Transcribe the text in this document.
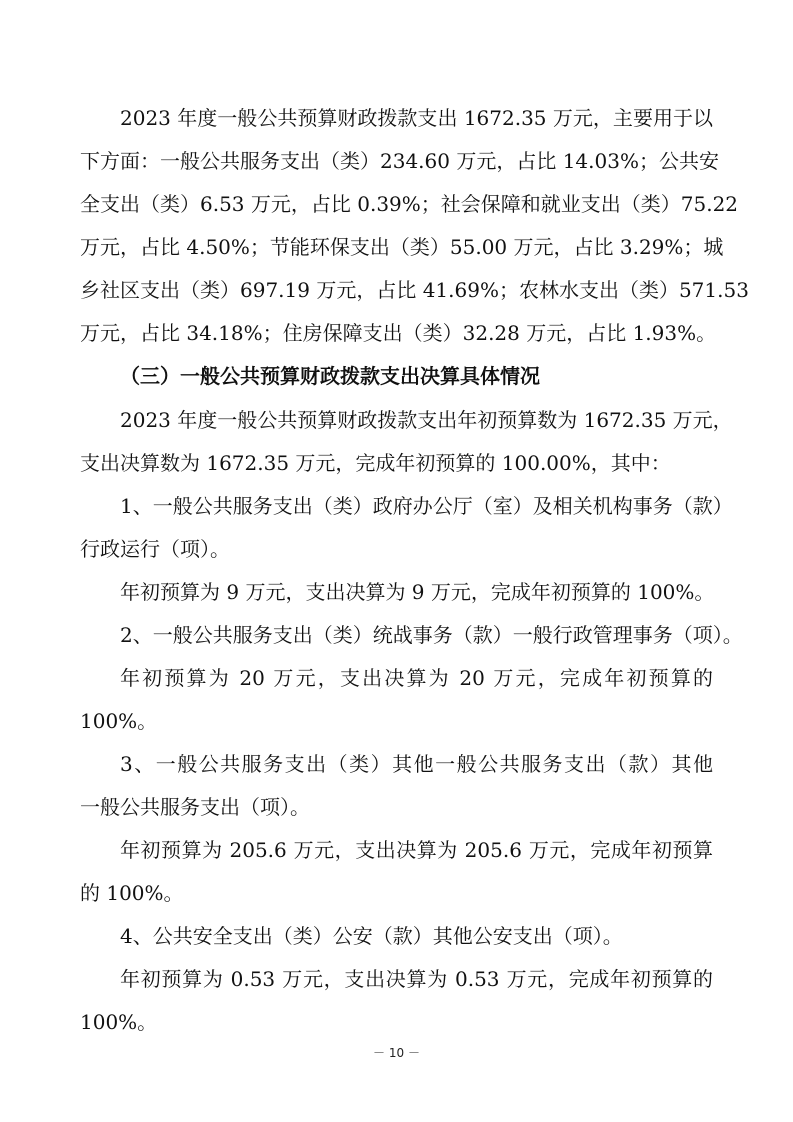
2023 年度一般公共预算财政拨款支出 1672.35 万元，主要用于以
下方面：一般公共服务支出（类）234.60 万元，占比 14.03%；公共安
全支出（类）6.53 万元，占比 0.39%；社会保障和就业支出（类）75.22
万元，占比 4.50%；节能环保支出（类）55.00 万元，占比 3.29%；城
乡社区支出（类）697.19 万元，占比 41.69%；农林水支出（类）571.53
万元，占比 34.18%；住房保障支出（类）32.28 万元，占比 1.93%。
（三）一般公共预算财政拨款支出决算具体情况
2023 年度一般公共预算财政拨款支出年初预算数为 1672.35 万元，
支出决算数为 1672.35 万元，完成年初预算的 100.00%，其中：
1、一般公共服务支出（类）政府办公厅（室）及相关机构事务（款）
行政运行（项）。
年初预算为 9 万元，支出决算为 9 万元，完成年初预算的 100%。
2、一般公共服务支出（类）统战事务（款）一般行政管理事务（项）。
年初预算为 20 万元，支出决算为 20 万元，完成年初预算的
100%。
3、一般公共服务支出（类）其他一般公共服务支出（款）其他
一般公共服务支出（项）。
年初预算为 205.6 万元，支出决算为 205.6 万元，完成年初预算
的 100%。
4、公共安全支出（类）公安（款）其他公安支出（项）。
年初预算为 0.53 万元，支出决算为 0.53 万元，完成年初预算的
100%。
－ 10 －
